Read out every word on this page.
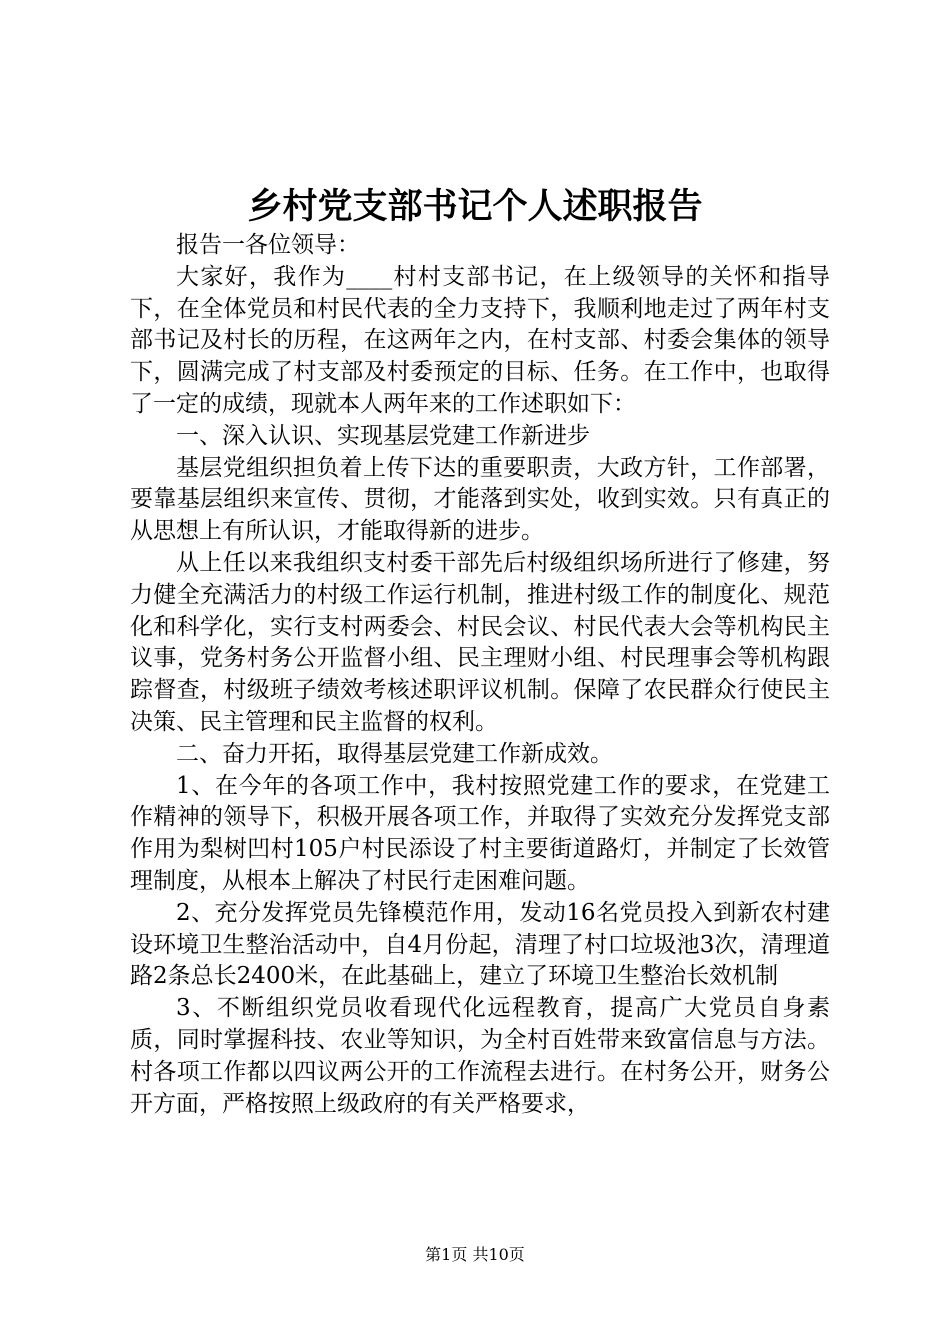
乡村党支部书记个人述职报告

报告一各位领导：

大家好，我作为____村村支部书记，在上级领导的关怀和指导下，在全体党员和村民代表的全力支持下，我顺利地走过了两年村支部书记及村长的历程，在这两年之内，在村支部、村委会集体的领导下，圆满完成了村支部及村委预定的目标、任务。在工作中，也取得了一定的成绩，现就本人两年来的工作述职如下：

一、深入认识、实现基层党建工作新进步

基层党组织担负着上传下达的重要职责，大政方针，工作部署，要靠基层组织来宣传、贯彻，才能落到实处，收到实效。只有真正的从思想上有所认识，才能取得新的进步。

从上任以来我组织支村委干部先后村级组织场所进行了修建，努力健全充满活力的村级工作运行机制，推进村级工作的制度化、规范化和科学化，实行支村两委会、村民会议、村民代表大会等机构民主议事，党务村务公开监督小组、民主理财小组、村民理事会等机构跟踪督查，村级班子绩效考核述职评议机制。保障了农民群众行使民主决策、民主管理和民主监督的权利。

二、奋力开拓，取得基层党建工作新成效。

1、在今年的各项工作中，我村按照党建工作的要求，在党建工作精神的领导下，积极开展各项工作，并取得了实效充分发挥党支部作用为梨树凹村105户村民添设了村主要街道路灯，并制定了长效管理制度，从根本上解决了村民行走困难问题。

2、充分发挥党员先锋模范作用，发动16名党员投入到新农村建设环境卫生整治活动中，自4月份起，清理了村口垃圾池3次，清理道路2条总长2400米，在此基础上，建立了环境卫生整治长效机制

3、不断组织党员收看现代化远程教育，提高广大党员自身素质，同时掌握科技、农业等知识，为全村百姓带来致富信息与方法。村各项工作都以四议两公开的工作流程去进行。在村务公开，财务公开方面，严格按照上级政府的有关严格要求，

第1页 共10页
